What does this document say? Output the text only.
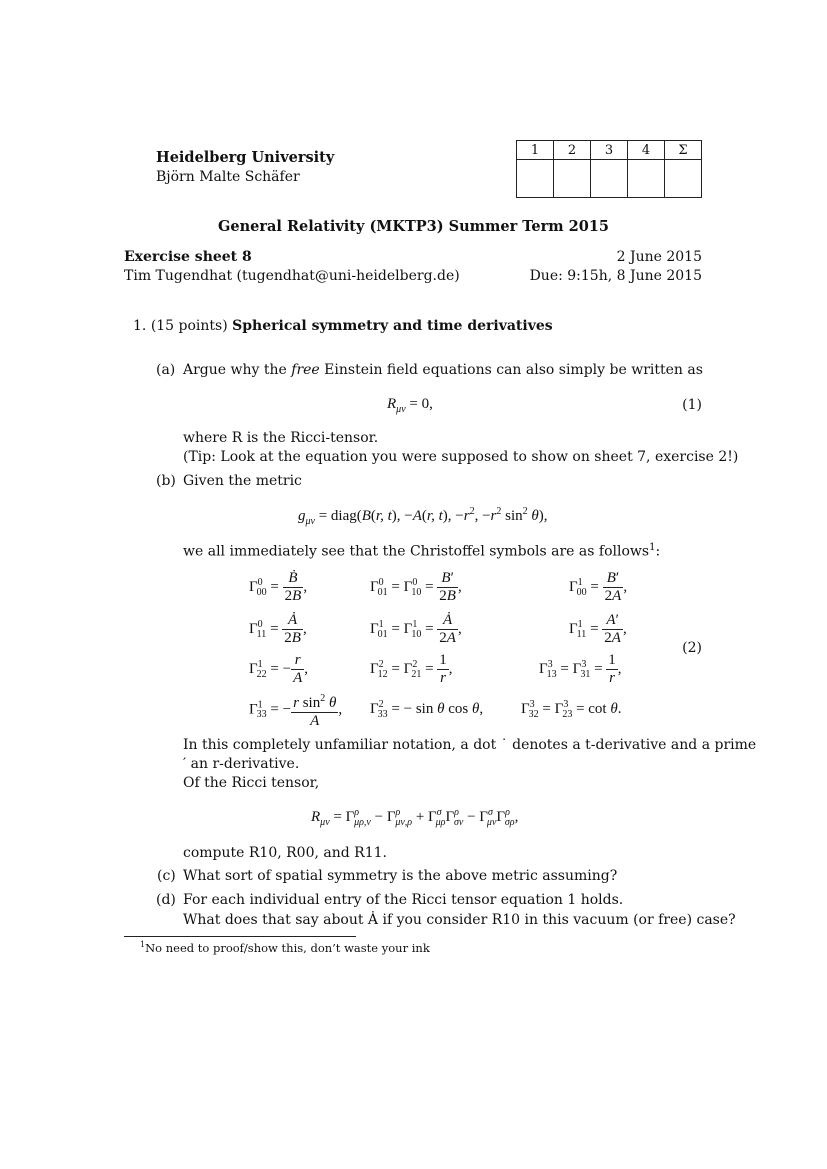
Heidelberg University
Björn Malte Schäfer
1	2	3	4	Σ

General Relativity (MKTP3) Summer Term 2015
Exercise sheet 8	2 June 2015
Tim Tugendhat (tugendhat@uni-heidelberg.de)	Due: 9:15h, 8 June 2015
1. (15 points) Spherical symmetry and time derivatives
(a) Argue why the free Einstein field equations can also simply be written as
$R_{\mu\nu} = 0$,	(1)
where R is the Ricci-tensor.
(Tip: Look at the equation you were supposed to show on sheet 7, exercise 2!)
(b) Given the metric
$g_{\mu\nu}$ = diag(B(r, t), −A(r, t), $-r^2$, $-r^2$ $\sin^2 \theta$),
we all immediately see that the Christoffel symbols are as follows$^1$:
$\Gamma^0_{00} = \frac{\text{Ḃ}}{2B}$ ,	$\Gamma^0_{01} = \Gamma^0_{10} = \frac{B'}{2B}$ ,	$\Gamma^1_{00} = \frac{B'}{2A}$ ,
$\Gamma^0_{11} = \frac{Ȧ}{2B}$ ,	$\Gamma^1_{01} = \Gamma^1_{10} = \frac{Ȧ}{2A}$ ,	$\Gamma^1_{11} = \frac{A'}{2A}$ ,
(2)
$\Gamma^1_{22}$ = − $\frac{r}{A}$ ,	$\Gamma^2_{12} = \Gamma^2_{21} = \frac{1}{r}$ ,	$\Gamma^3_{13} = \Gamma^3_{31} = \frac{1}{r}$ ,
$\Gamma^1_{33}$ = − $\frac{r \sin^2 \theta}{A}$ , $\Gamma^2_{33}$ = − sin θ cos θ,	$\Gamma^3_{32} = \Gamma^3_{23} = \cot \theta$.
In this completely unfamiliar notation, a dot ˙ denotes a t-derivative and a prime
′ an r-derivative.
Of the Ricci tensor,
$R_{\mu\nu} = \Gamma^\rho_{\mu\rho,\nu} - \Gamma^\rho_{\mu\nu,\rho} + \Gamma^\sigma_{\mu\rho}\Gamma^\rho_{\sigma\nu} - \Gamma^\sigma_{\mu\nu}\Gamma^\rho_{\sigma\rho}$,
compute R10, R00, and R11.
(c) What sort of spatial symmetry is the above metric assuming?
(d) For each individual entry of the Ricci tensor equation 1 holds.
What does that say about Ȧ if you consider R10 in this vacuum (or free) case?
$^1$No need to proof/show this, don’t waste your ink
